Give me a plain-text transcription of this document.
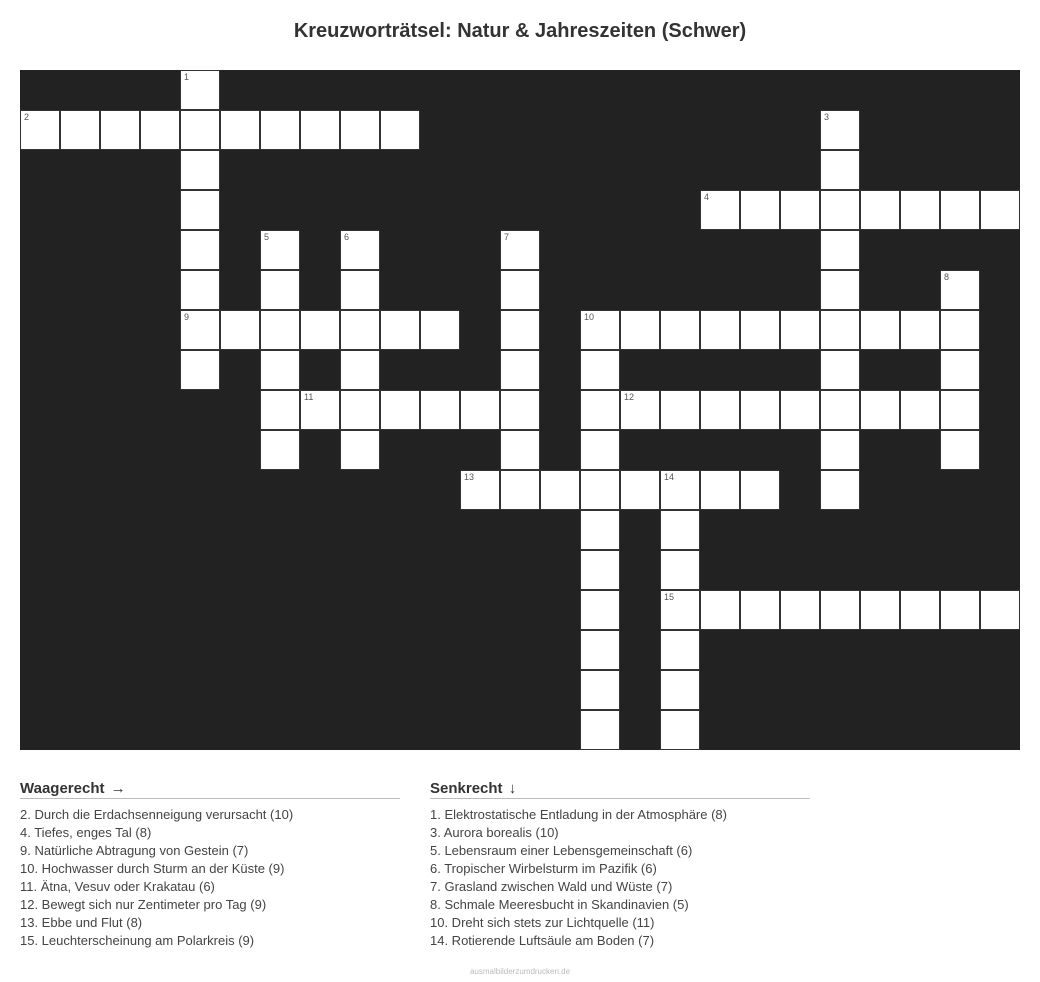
Kreuzworträtsel: Natur & Jahreszeiten (Schwer)
1
9
2	3
4
5	6	7
8
10
11	12
13	14
15
Waagerecht →
2. Durch die Erdachsenneigung verursacht (10)
4. Tiefes, enges Tal (8)
9. Natürliche Abtragung von Gestein (7)
10. Hochwasser durch Sturm an der Küste (9)
11. Ätna, Vesuv oder Krakatau (6)
12. Bewegt sich nur Zentimeter pro Tag (9)
13. Ebbe und Flut (8)
15. Leuchterscheinung am Polarkreis (9)
Senkrecht ↓
1. Elektrostatische Entladung in der Atmosphäre (8)
3. Aurora borealis (10)
5. Lebensraum einer Lebensgemeinschaft (6)
6. Tropischer Wirbelsturm im Pazifik (6)
7. Grasland zwischen Wald und Wüste (7)
8. Schmale Meeresbucht in Skandinavien (5)
10. Dreht sich stets zur Lichtquelle (11)
14. Rotierende Luftsäule am Boden (7)
ausmalbilderzumdrucken.de
